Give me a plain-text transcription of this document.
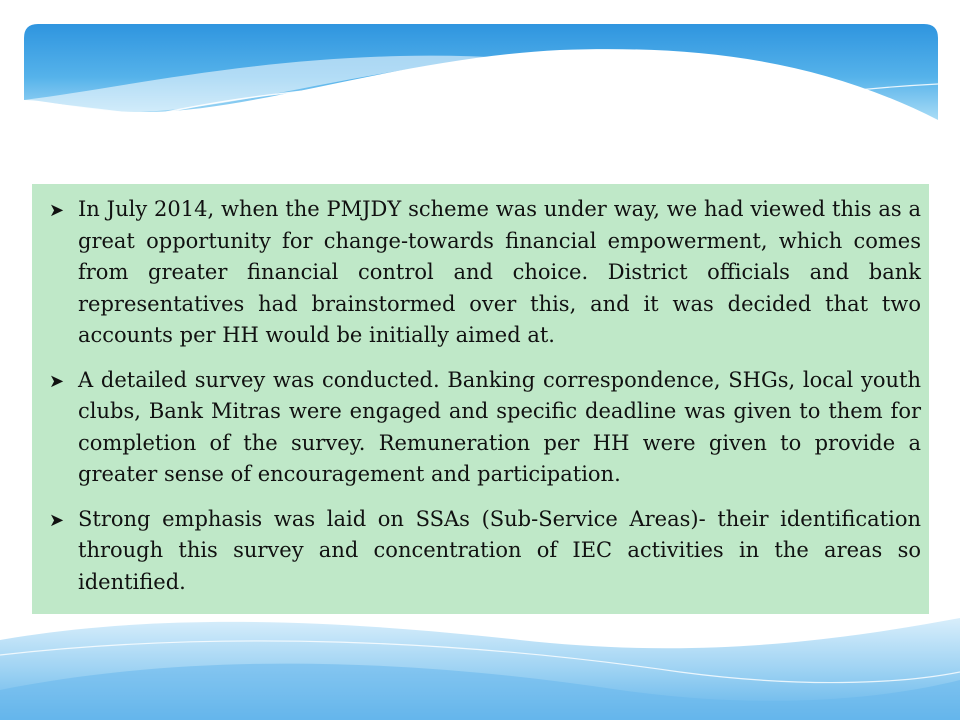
➤ In July 2014, when the PMJDY scheme was under way, we had viewed this as a great opportunity for change-towards financial empowerment, which comes from greater financial control and choice. District officials and bank representatives had brainstormed over this, and it was decided that two accounts per HH would be initially aimed at.
➤ A detailed survey was conducted. Banking correspondence, SHGs, local youth clubs, Bank Mitras were engaged and specific deadline was given to them for completion of the survey. Remuneration per HH were given to provide a greater sense of encouragement and participation.
➤ Strong emphasis was laid on SSAs (Sub-Service Areas)- their identification through this survey and concentration of IEC activities in the areas so identified.
